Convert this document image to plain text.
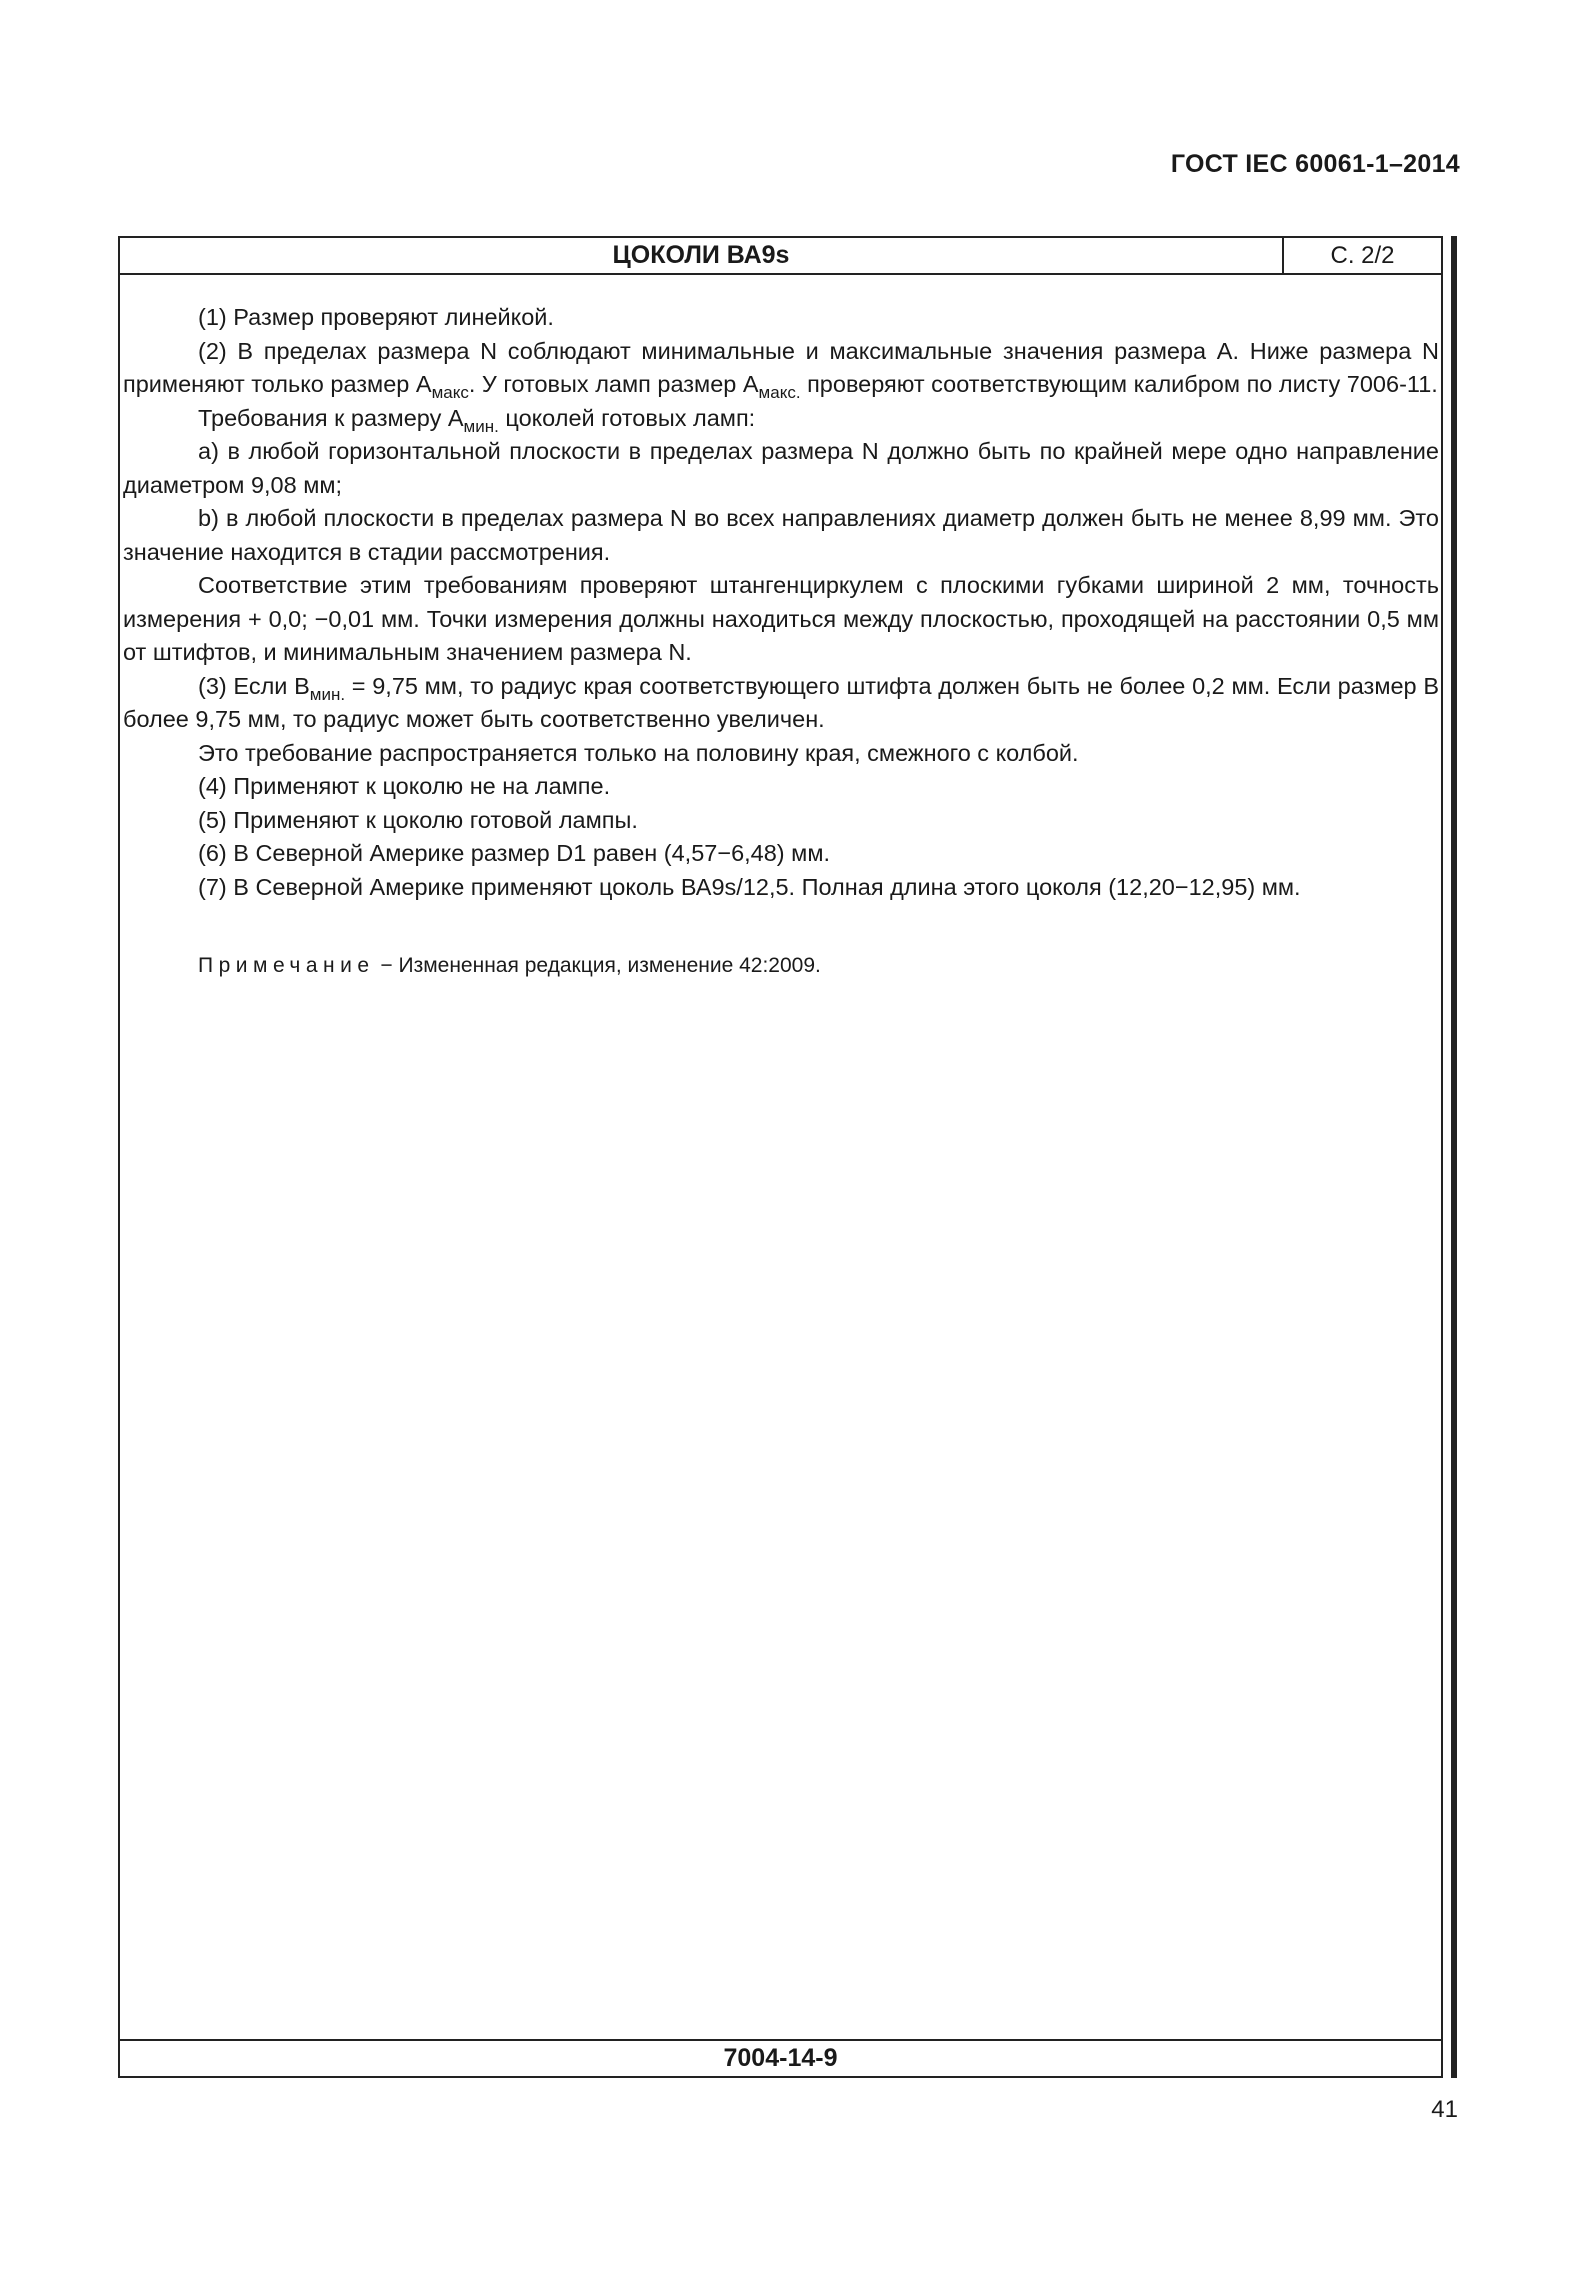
ГОСТ IEC 60061-1–2014
ЦОКОЛИ ВА9s	С. 2/2

(1) Размер проверяют линейкой.

(2) В пределах размера N соблюдают минимальные и максимальные значения размера А. Ниже размера N применяют только размер $А_{макс}$. У готовых ламп размер $А_{макс.}$ проверяют соответствующим калибром по листу 7006-11.

Требования к размеру $А_{мин.}$ цоколей готовых ламп:

a) в любой горизонтальной плоскости в пределах размера N должно быть по крайней мере одно направление диаметром 9,08 мм;

b) в любой плоскости в пределах размера N во всех направлениях диаметр должен быть не менее 8,99 мм. Это значение находится в стадии рассмотрения.

Соответствие этим требованиям проверяют штангенциркулем с плоскими губками шириной 2 мм, точность измерения + 0,0; −0,01 мм. Точки измерения должны находиться между плоскостью, проходящей на расстоянии 0,5 мм от штифтов, и минимальным значением размера N.

(3) Если $В_{мин.} = 9,75$ мм, то радиус края соответствующего штифта должен быть не более 0,2 мм. Если размер В более 9,75 мм, то радиус может быть соответственно увеличен.

Это требование распространяется только на половину края, смежного с колбой.

(4) Применяют к цоколю не на лампе.

(5) Применяют к цоколю готовой лампы.

(6) В Северной Америке размер D1 равен (4,57−6,48) мм.

(7) В Северной Америке применяют цоколь ВА9s/12,5. Полная длина этого цоколя (12,20−12,95) мм.

Примечание − Измененная редакция, изменение 42:2009.
7004-14-9
41
